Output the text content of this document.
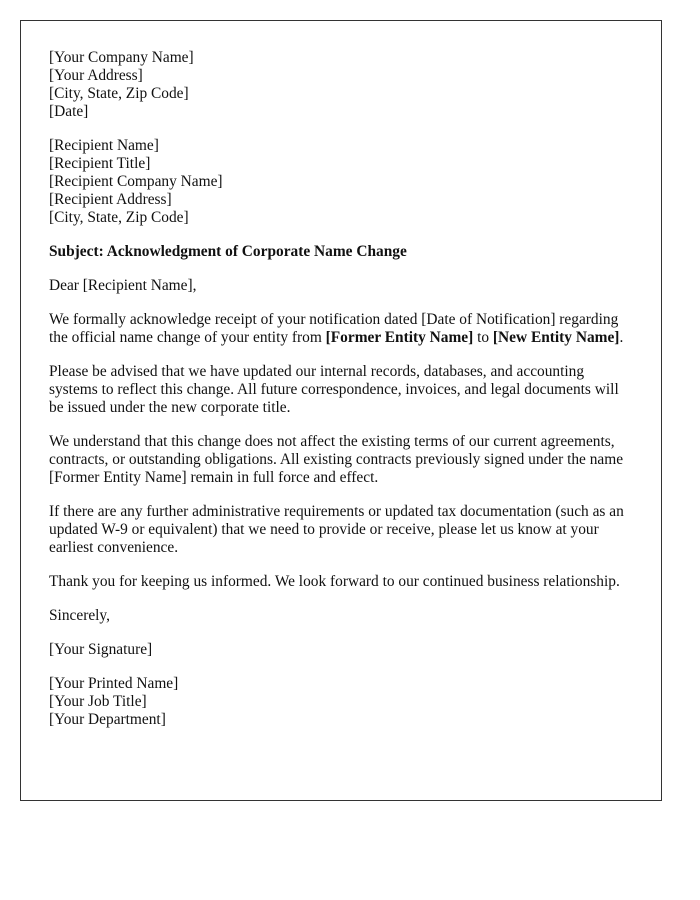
[Your Company Name]
[Your Address]
[City, State, Zip Code]
[Date]
[Recipient Name]
[Recipient Title]
[Recipient Company Name]
[Recipient Address]
[City, State, Zip Code]

Subject: Acknowledgment of Corporate Name Change

Dear [Recipient Name],

We formally acknowledge receipt of your notification dated [Date of Notification] regarding the official name change of your entity from [Former Entity Name] to [New Entity Name].

Please be advised that we have updated our internal records, databases, and accounting systems to reflect this change. All future correspondence, invoices, and legal documents will be issued under the new corporate title.

We understand that this change does not affect the existing terms of our current agreements, contracts, or outstanding obligations. All existing contracts previously signed under the name [Former Entity Name] remain in full force and effect.

If there are any further administrative requirements or updated tax documentation (such as an updated W-9 or equivalent) that we need to provide or receive, please let us know at your earliest convenience.

Thank you for keeping us informed. We look forward to our continued business relationship.

Sincerely,

[Your Signature]

[Your Printed Name]
[Your Job Title]
[Your Department]
